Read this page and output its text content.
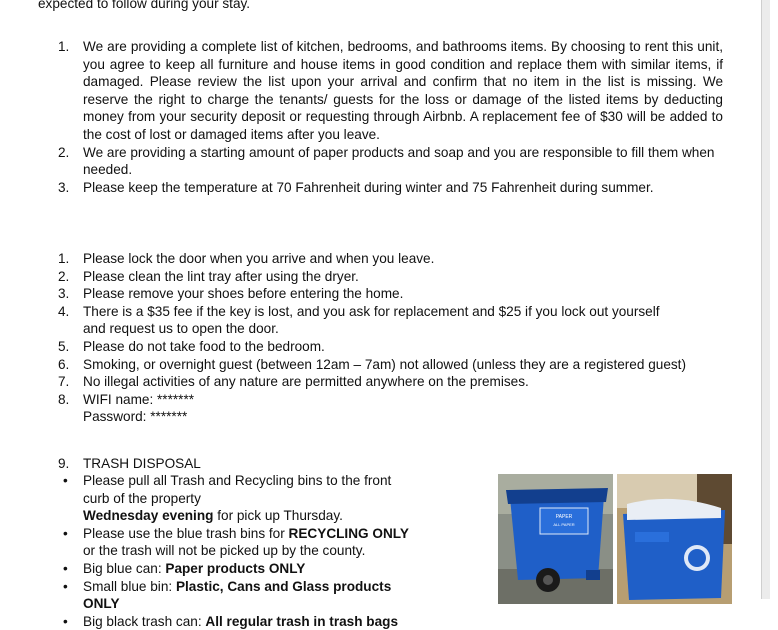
expected to follow during your stay.
1. We are providing a complete list of kitchen, bedrooms, and bathrooms items. By choosing to rent this unit, you agree to keep all furniture and house items in good condition and replace them with similar items, if damaged. Please review the list upon your arrival and confirm that no item in the list is missing. We reserve the right to charge the tenants/ guests for the loss or damage of the listed items by deducting money from your security deposit or requesting through Airbnb. A replacement fee of $30 will be added to the cost of lost or damaged items after you leave.
2. We are providing a starting amount of paper products and soap and you are responsible to fill them when needed.
3. Please keep the temperature at 70 Fahrenheit during winter and 75 Fahrenheit during summer.
1. Please lock the door when you arrive and when you leave.
2. Please clean the lint tray after using the dryer.
3. Please remove your shoes before entering the home.
4. There is a $35 fee if the key is lost, and you ask for replacement and $25 if you lock out yourself and request us to open the door.
5. Please do not take food to the bedroom.
6. Smoking, or overnight guest (between 12am – 7am) not allowed (unless they are a registered guest)
7. No illegal activities of any nature are permitted anywhere on the premises.
8. WIFI name: *******
Password: *******
9. TRASH DISPOSAL
• Please pull all Trash and Recycling bins to the front curb of the property
Wednesday evening for pick up Thursday.
• Please use the blue trash bins for RECYCLING ONLY or the trash will not be picked up by the county.
• Big blue can: Paper products ONLY
• Small blue bin: Plastic, Cans and Glass products ONLY
• Big black trash can: All regular trash in trash bags
PAPER
ALL PAPER
